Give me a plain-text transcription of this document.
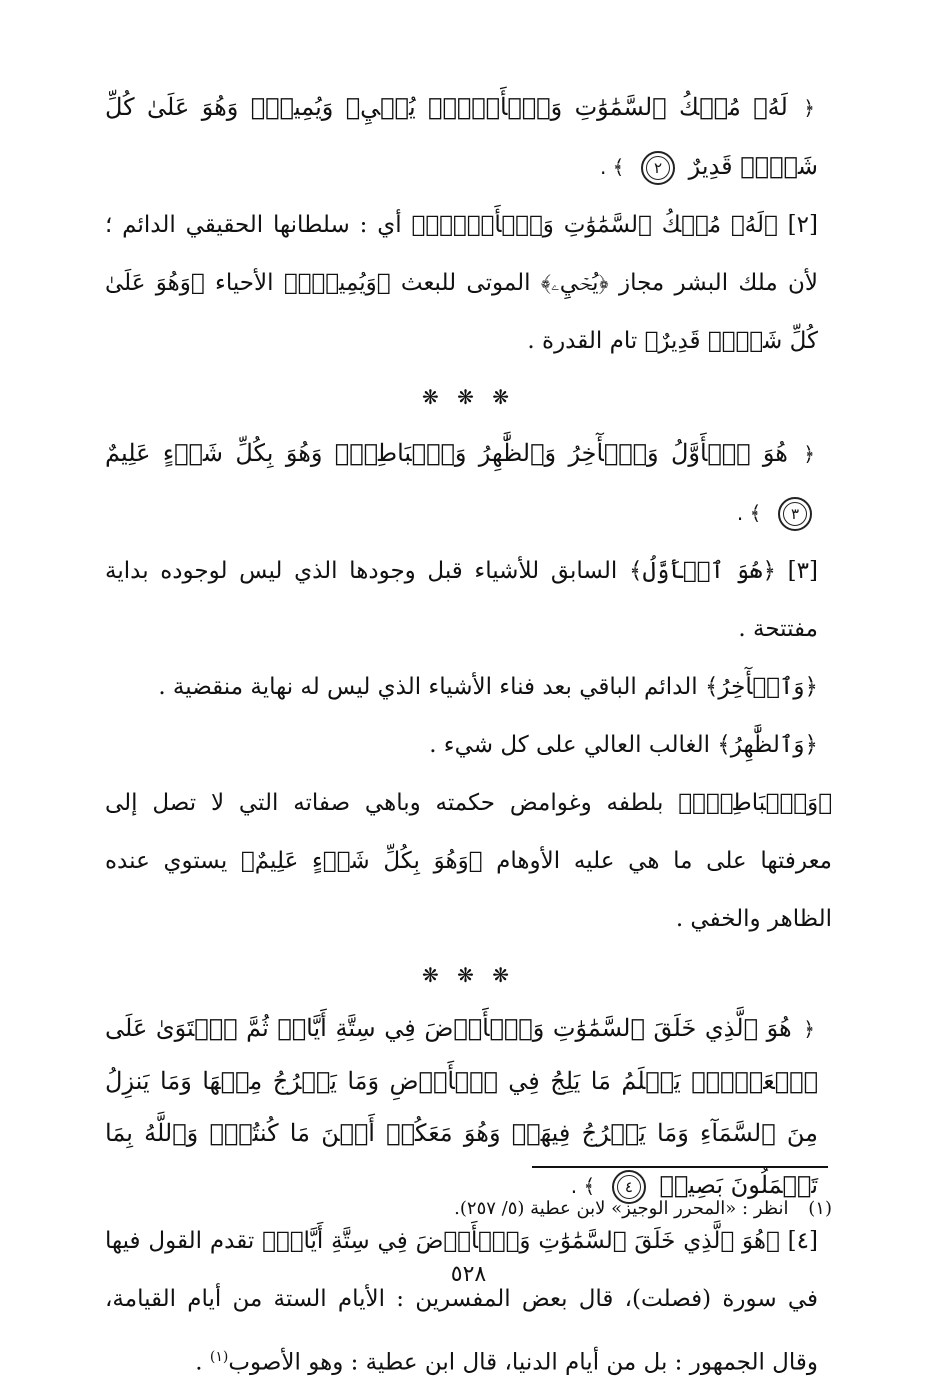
﴿ لَهُۥ مُلۡكُ ٱلسَّمَٰوَٰتِ وَٱلۡأَرۡضِۖ يُحۡيِۦ وَيُمِيتُۖ وَهُوَ عَلَىٰ كُلِّ شَيۡءٖ قَدِيرٌ ٢ ﴾ .

[٢] ﴿لَهُۥ مُلۡكُ ٱلسَّمَٰوَٰتِ وَٱلۡأَرۡضِۖ﴾ أي : سلطانها الحقيقي الدائم ؛ لأن ملك البشر مجاز ﴿يُحۡيِۦ﴾ الموتى للبعث ﴿وَيُمِيتُۖ﴾ الأحياء ﴿وَهُوَ عَلَىٰ كُلِّ شَيۡءٖ قَدِيرٌ﴾ تام القدرة .

❋ ❋ ❋

﴿ هُوَ ٱلۡأَوَّلُ وَٱلۡأٓخِرُ وَٱلظَّٰهِرُ وَٱلۡبَاطِنُۖ وَهُوَ بِكُلِّ شَيۡءٍ عَلِيمٌ ٣ ﴾ .

[٣] ﴿هُوَ ٱلۡأَوَّلُ﴾ السابق للأشياء قبل وجودها الذي ليس لوجوده بداية مفتتحة .

﴿وَٱلۡأٓخِرُ﴾ الدائم الباقي بعد فناء الأشياء الذي ليس له نهاية منقضية .

﴿وَٱلظَّٰهِرُ﴾ الغالب العالي على كل شيء .

﴿وَٱلۡبَاطِنُۖ﴾ بلطفه وغوامض حكمته وباهي صفاته التي لا تصل إلى معرفتها على ما هي عليه الأوهام ﴿وَهُوَ بِكُلِّ شَيۡءٍ عَلِيمٌ﴾ يستوي عنده الظاهر والخفي .

❋ ❋ ❋

﴿ هُوَ ٱلَّذِي خَلَقَ ٱلسَّمَٰوَٰتِ وَٱلۡأَرۡضَ فِي سِتَّةِ أَيَّامٖ ثُمَّ ٱسۡتَوَىٰ عَلَى ٱلۡعَرۡشِۚ يَعۡلَمُ مَا يَلِجُ فِي ٱلۡأَرۡضِ وَمَا يَخۡرُجُ مِنۡهَا وَمَا يَنزِلُ مِنَ ٱلسَّمَآءِ وَمَا يَعۡرُجُ فِيهَاۖ وَهُوَ مَعَكُمۡ أَيۡنَ مَا كُنتُمۡۚ وَٱللَّهُ بِمَا تَعۡمَلُونَ بَصِيرٞ ٤ ﴾ .

[٤] ﴿هُوَ ٱلَّذِي خَلَقَ ٱلسَّمَٰوَٰتِ وَٱلۡأَرۡضَ فِي سِتَّةِ أَيَّامٖ﴾ تقدم القول فيها في سورة (فصلت)، قال بعض المفسرين : الأيام الستة من أيام القيامة، وقال الجمهور : بل من أيام الدنيا، قال ابن عطية : وهو الأصوب$^{(١)}$ .

(١) انظر : «المحرر الوجيز» لابن عطية (٥/ ٢٥٧).
٥٢٨
